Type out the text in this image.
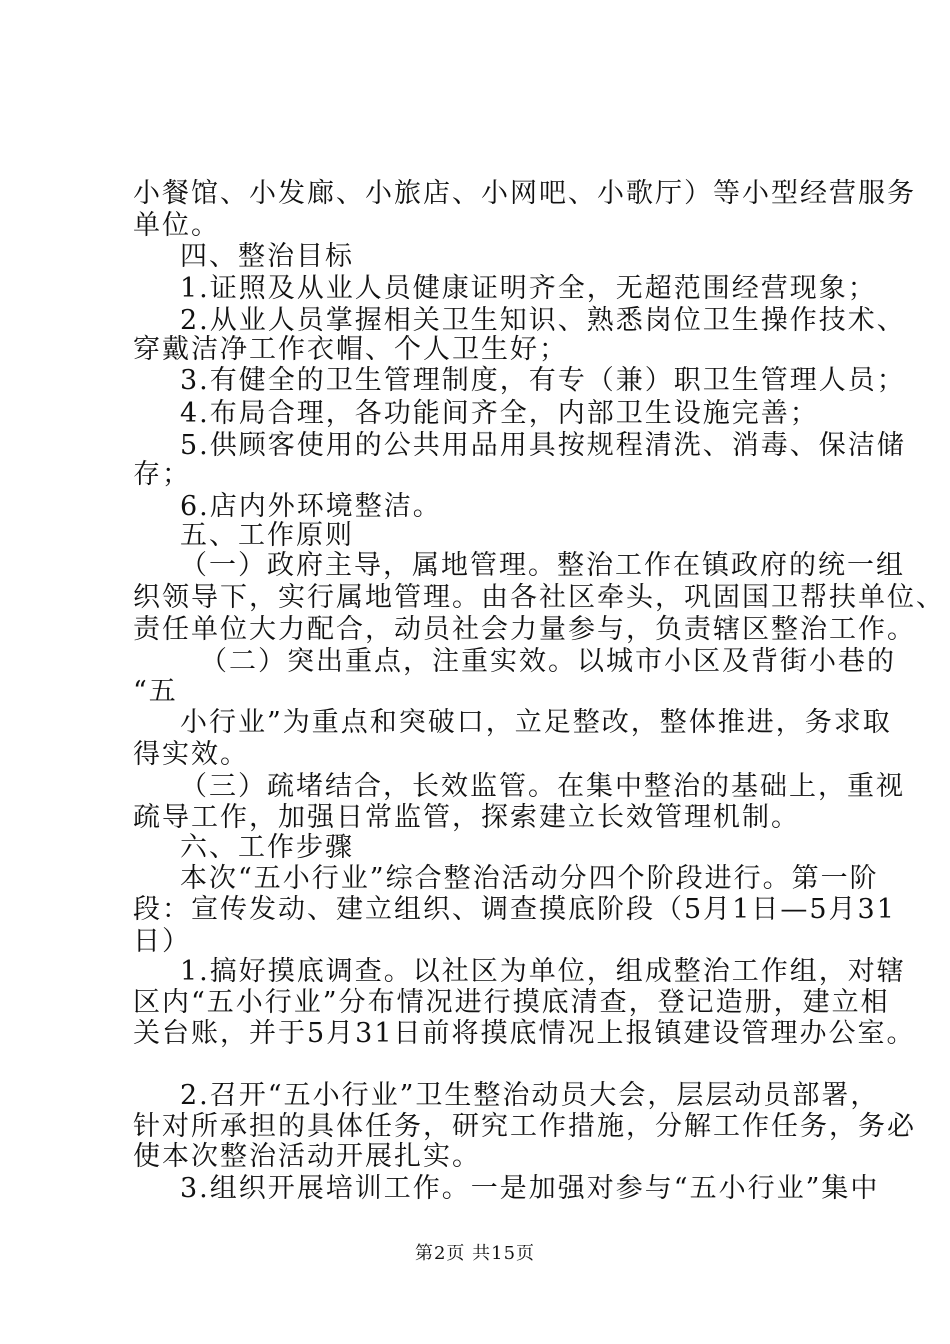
小餐馆、小发廊、小旅店、小网吧、小歌厅）等小型经营服务
单位。
四、整治目标
1.证照及从业人员健康证明齐全，无超范围经营现象；
2.从业人员掌握相关卫生知识、熟悉岗位卫生操作技术、
穿戴洁净工作衣帽、个人卫生好；
3.有健全的卫生管理制度，有专（兼）职卫生管理人员；
4.布局合理，各功能间齐全，内部卫生设施完善；
5.供顾客使用的公共用品用具按规程清洗、消毒、保洁储
存；
6.店内外环境整洁。
五、工作原则
（一）政府主导，属地管理。整治工作在镇政府的统一组
织领导下，实行属地管理。由各社区牵头，巩固国卫帮扶单位、
责任单位大力配合，动员社会力量参与，负责辖区整治工作。
（二）突出重点，注重实效。以城市小区及背街小巷的
“五
小行业”为重点和突破口，立足整改，整体推进，务求取
得实效。
（三）疏堵结合，长效监管。在集中整治的基础上，重视
疏导工作，加强日常监管，探索建立长效管理机制。
六、工作步骤
本次“五小行业”综合整治活动分四个阶段进行。第一阶
段：宣传发动、建立组织、调查摸底阶段（5月1日—5月31
日）
1.搞好摸底调查。以社区为单位，组成整治工作组，对辖
区内“五小行业”分布情况进行摸底清查，登记造册，建立相
关台账，并于5月31日前将摸底情况上报镇建设管理办公室。
2.召开“五小行业”卫生整治动员大会，层层动员部署，
针对所承担的具体任务，研究工作措施，分解工作任务，务必
使本次整治活动开展扎实。
3.组织开展培训工作。一是加强对参与“五小行业”集中
第2页 共15页
